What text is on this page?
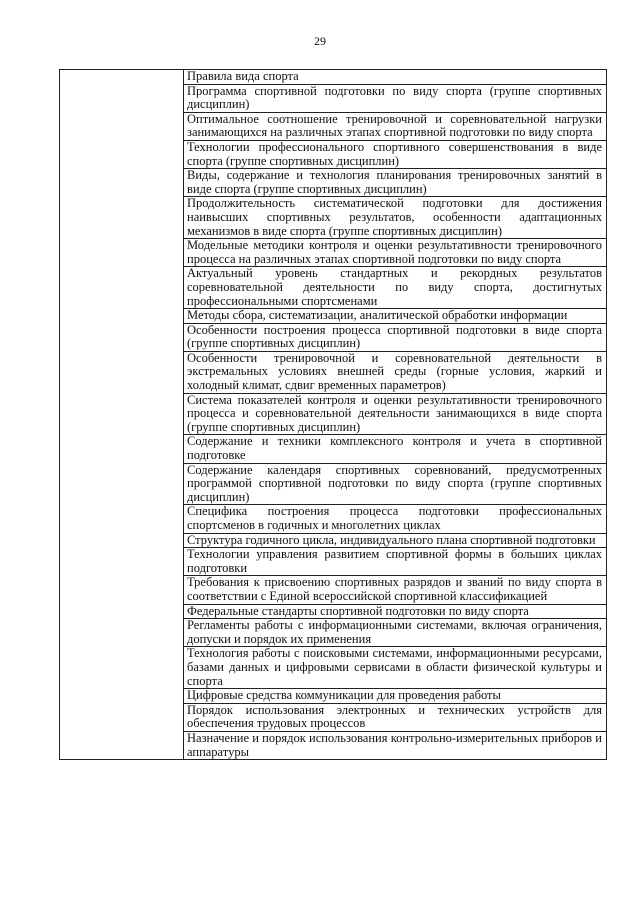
29
	Правила вида спорта
Программа спортивной подготовки по виду спорта (группе спортивных дисциплин)
Оптимальное соотношение тренировочной и соревновательной нагрузки занимающихся на различных этапах спортивной подготовки по виду спорта
Технологии профессионального спортивного совершенствования в виде спорта (группе спортивных дисциплин)
Виды, содержание и технология планирования тренировочных занятий в виде спорта (группе спортивных дисциплин)
Продолжительность систематической подготовки для достижения наивысших спортивных результатов, особенности адаптационных механизмов в виде спорта (группе спортивных дисциплин)
Модельные методики контроля и оценки результативности тренировочного процесса на различных этапах спортивной подготовки по виду спорта
Актуальный уровень стандартных и рекордных результатов соревновательной деятельности по виду спорта, достигнутых профессиональными спортсменами
Методы сбора, систематизации, аналитической обработки информации
Особенности построения процесса спортивной подготовки в виде спорта (группе спортивных дисциплин)
Особенности тренировочной и соревновательной деятельности в экстремальных условиях внешней среды (горные условия, жаркий и холодный климат, сдвиг временных параметров)
Система показателей контроля и оценки результативности тренировочного процесса и соревновательной деятельности занимающихся в виде спорта (группе спортивных дисциплин)
Содержание и техники комплексного контроля и учета в спортивной подготовке
Содержание календаря спортивных соревнований, предусмотренных программой спортивной подготовки по виду спорта (группе спортивных дисциплин)
Специфика построения процесса подготовки профессиональных спортсменов в годичных и многолетних циклах
Структура годичного цикла, индивидуального плана спортивной подготовки
Технологии управления развитием спортивной формы в больших циклах подготовки
Требования к присвоению спортивных разрядов и званий по виду спорта в соответствии с Единой всероссийской спортивной классификацией
Федеральные стандарты спортивной подготовки по виду спорта
Регламенты работы с информационными системами, включая ограничения, допуски и порядок их применения
Технология работы с поисковыми системами, информационными ресурсами, базами данных и цифровыми сервисами в области физической культуры и спорта
Цифровые средства коммуникации для проведения работы
Порядок использования электронных и технических устройств для обеспечения трудовых процессов
Назначение и порядок использования контрольно-измерительных приборов и аппаратуры
